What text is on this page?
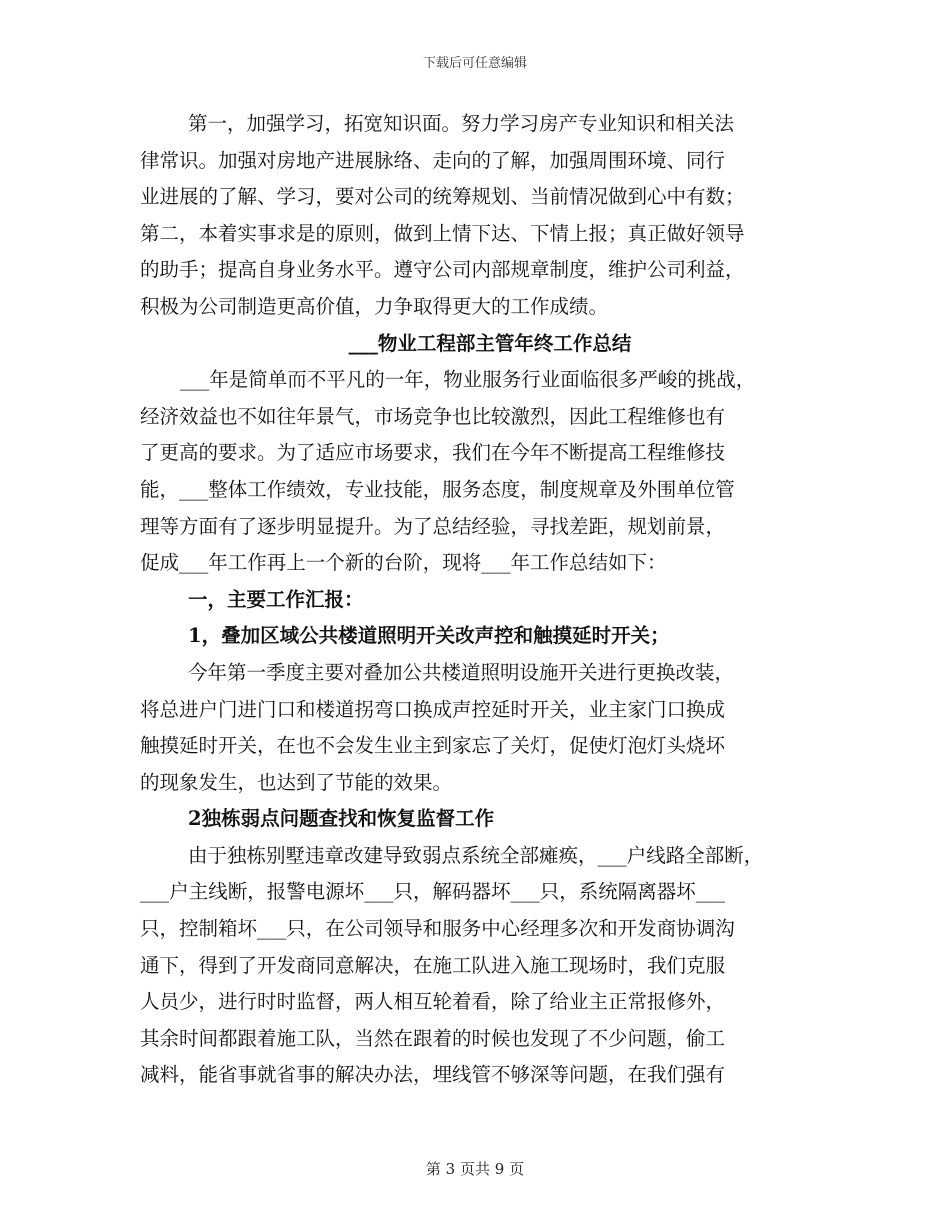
下载后可任意编辑
第一，加强学习，拓宽知识面。努力学习房产专业知识和相关法
律常识。加强对房地产进展脉络、走向的了解，加强周围环境、同行
业进展的了解、学习，要对公司的统筹规划、当前情况做到心中有数；
第二，本着实事求是的原则，做到上情下达、下情上报；真正做好领导
的助手；提高自身业务水平。遵守公司内部规章制度，维护公司利益，
积极为公司制造更高价值，力争取得更大的工作成绩。
___物业工程部主管年终工作总结
___年是简单而不平凡的一年，物业服务行业面临很多严峻的挑战，
经济效益也不如往年景气，市场竞争也比较激烈，因此工程维修也有
了更高的要求。为了适应市场要求，我们在今年不断提高工程维修技
能，___整体工作绩效，专业技能，服务态度，制度规章及外围单位管
理等方面有了逐步明显提升。为了总结经验，寻找差距，规划前景，
促成___年工作再上一个新的台阶，现将___年工作总结如下：
一，主要工作汇报：
1，叠加区域公共楼道照明开关改声控和触摸延时开关；
今年第一季度主要对叠加公共楼道照明设施开关进行更换改装，
将总进户门进门口和楼道拐弯口换成声控延时开关，业主家门口换成
触摸延时开关，在也不会发生业主到家忘了关灯，促使灯泡灯头烧坏
的现象发生，也达到了节能的效果。
2独栋弱点问题查找和恢复监督工作
由于独栋别墅违章改建导致弱点系统全部瘫痪，___户线路全部断，
___户主线断，报警电源坏___只，解码器坏___只，系统隔离器坏___
只，控制箱坏___只，在公司领导和服务中心经理多次和开发商协调沟
通下，得到了开发商同意解决，在施工队进入施工现场时，我们克服
人员少，进行时时监督，两人相互轮着看，除了给业主正常报修外，
其余时间都跟着施工队，当然在跟着的时候也发现了不少问题，偷工
减料，能省事就省事的解决办法，埋线管不够深等问题，在我们强有
第 3 页共 9 页
